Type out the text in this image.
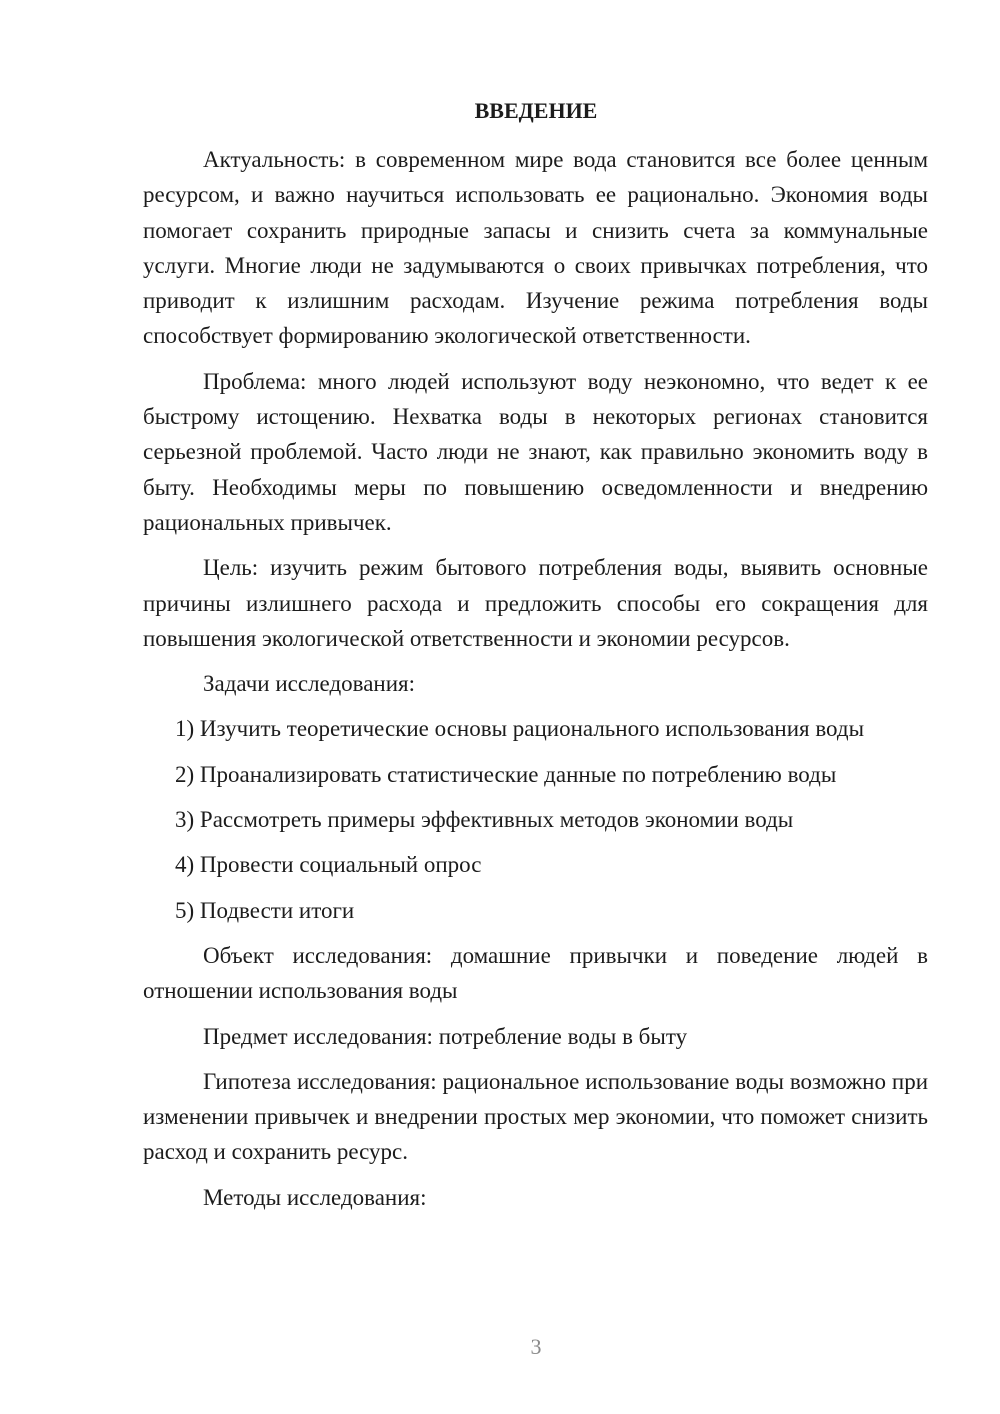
ВВЕДЕНИЕ

Актуальность: в современном мире вода становится все более ценным ресурсом, и важно научиться использовать ее рационально. Экономия воды помогает сохранить природные запасы и снизить счета за коммунальные услуги. Многие люди не задумываются о своих привычках потребления, что приводит к излишним расходам. Изучение режима потребления воды способствует формированию экологической ответственности.

Проблема: много людей используют воду неэкономно, что ведет к ее быстрому истощению. Нехватка воды в некоторых регионах становится серьезной проблемой. Часто люди не знают, как правильно экономить воду в быту. Необходимы меры по повышению осведомленности и внедрению рациональных привычек.

Цель: изучить режим бытового потребления воды, выявить основные причины излишнего расхода и предложить способы его сокращения для повышения экологической ответственности и экономии ресурсов.

Задачи исследования:

1) Изучить теоретические основы рационального использования воды

2) Проанализировать статистические данные по потреблению воды

3) Рассмотреть примеры эффективных методов экономии воды

4) Провести социальный опрос

5) Подвести итоги

Объект исследования: домашние привычки и поведение людей в отношении использования воды

Предмет исследования: потребление воды в быту

Гипотеза исследования: рациональное использование воды возможно при изменении привычек и внедрении простых мер экономии, что поможет снизить расход и сохранить ресурс.

Методы исследования:

3
